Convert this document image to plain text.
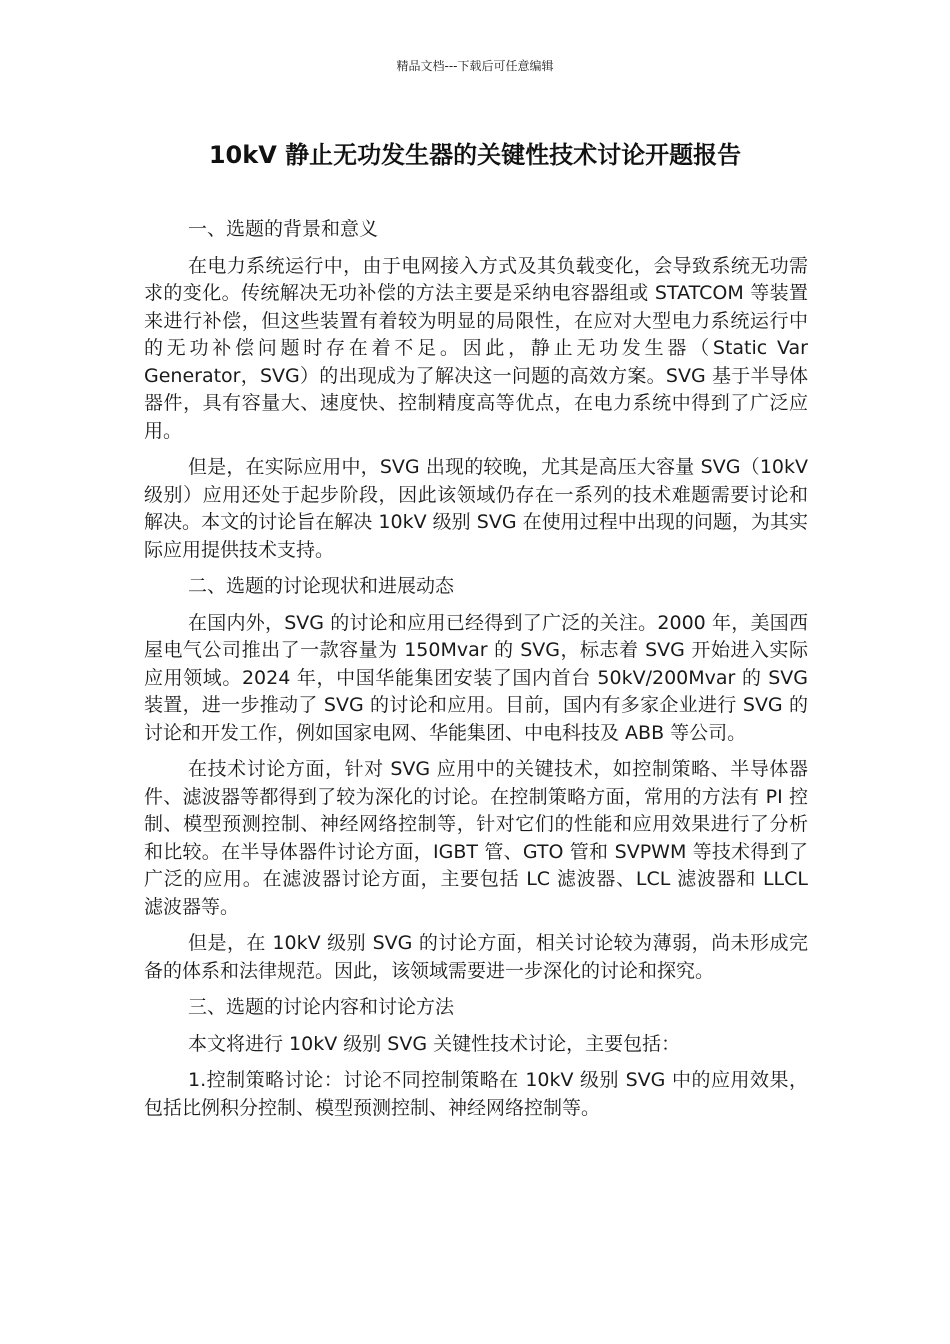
精品文档---下载后可任意编辑
10kV 静止无功发生器的关键性技术讨论开题报告

一、选题的背景和意义

在电力系统运行中，由于电网接入方式及其负载变化，会导致系统无功需求的变化。传统解决无功补偿的方法主要是采纳电容器组或 STATCOM 等装置来进行补偿，但这些装置有着较为明显的局限性，在应对大型电力系统运行中的无功补偿问题时存在着不足。因此，静止无功发生器（Static Var Generator，SVG）的出现成为了解决这一问题的高效方案。SVG 基于半导体器件，具有容量大、速度快、控制精度高等优点，在电力系统中得到了广泛应用。

但是，在实际应用中，SVG 出现的较晚，尤其是高压大容量 SVG（10kV 级别）应用还处于起步阶段，因此该领域仍存在一系列的技术难题需要讨论和解决。本文的讨论旨在解决 10kV 级别 SVG 在使用过程中出现的问题，为其实际应用提供技术支持。

二、选题的讨论现状和进展动态

在国内外，SVG 的讨论和应用已经得到了广泛的关注。2000 年，美国西屋电气公司推出了一款容量为 150Mvar 的 SVG，标志着 SVG 开始进入实际应用领域。2024 年，中国华能集团安装了国内首台 50kV/200Mvar 的 SVG 装置，进一步推动了 SVG 的讨论和应用。目前，国内有多家企业进行 SVG 的讨论和开发工作，例如国家电网、华能集团、中电科技及 ABB 等公司。

在技术讨论方面，针对 SVG 应用中的关键技术，如控制策略、半导体器件、滤波器等都得到了较为深化的讨论。在控制策略方面，常用的方法有 PI 控制、模型预测控制、神经网络控制等，针对它们的性能和应用效果进行了分析和比较。在半导体器件讨论方面，IGBT 管、GTO 管和 SVPWM 等技术得到了广泛的应用。在滤波器讨论方面，主要包括 LC 滤波器、LCL 滤波器和 LLCL 滤波器等。

但是，在 10kV 级别 SVG 的讨论方面，相关讨论较为薄弱，尚未形成完备的体系和法律规范。因此，该领域需要进一步深化的讨论和探究。

三、选题的讨论内容和讨论方法

本文将进行 10kV 级别 SVG 关键性技术讨论，主要包括：

1.控制策略讨论：讨论不同控制策略在 10kV 级别 SVG 中的应用效果，包括比例积分控制、模型预测控制、神经网络控制等。
